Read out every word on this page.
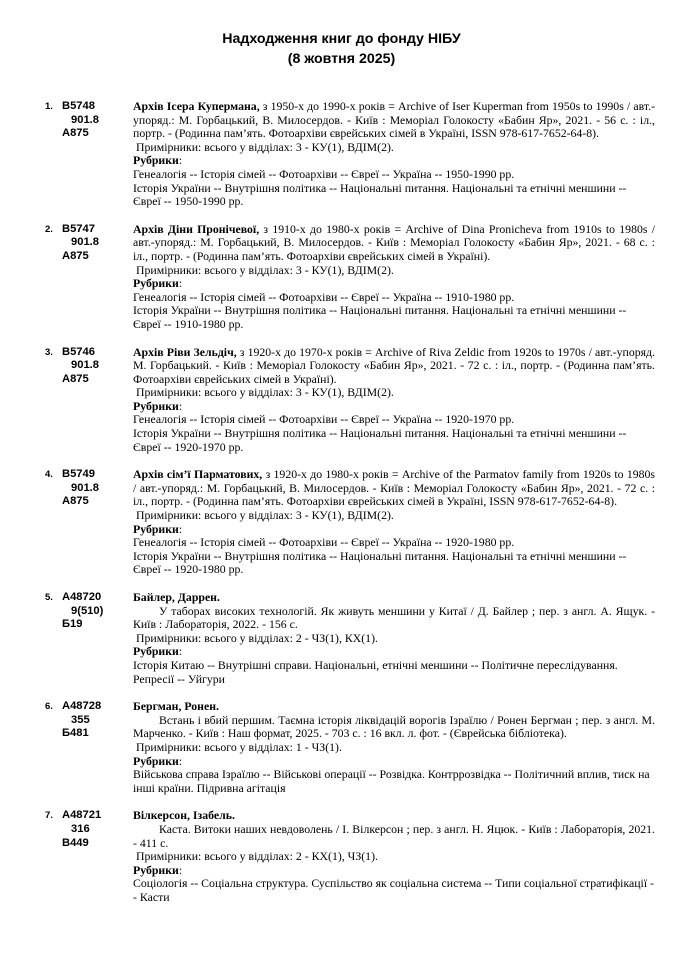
Надходження книг до фонду НІБУ
(8 жовтня 2025)
1. В5748
901.8
А875

Архів Ісера Купермана, з 1950-х до 1990-х років = Archive of Iser Kuperman from 1950s to 1990s / авт.-упоряд.: М. Горбацький, В. Милосердов. - Київ : Меморіал Голокосту «Бабин Яр», 2021. - 56 с. : іл., портр. - (Родинна пам’ять. Фотоархіви єврейських сімей в Україні, ISSN 978-617-7652-64-8).

Примірники: всього у відділах: 3 - КУ(1), ВДІМ(2).

Рубрики:

Генеалогія -- Історія сімей -- Фотоархіви -- Євреї -- Україна -- 1950-1990 рр.

Історія України -- Внутрішня політика -- Національні питання. Національні та етнічні меншини -- Євреї -- 1950-1990 рр.

2. В5747
901.8
А875

Архів Діни Пронічевої, з 1910-х до 1980-х років = Archive of Dina Pronicheva from 1910s to 1980s / авт.-упоряд.: М. Горбацький, В. Милосердов. - Київ : Меморіал Голокосту «Бабин Яр», 2021. - 68 с. : іл., портр. - (Родинна пам’ять. Фотоархіви єврейських сімей в Україні).

Примірники: всього у відділах: 3 - КУ(1), ВДІМ(2).

Рубрики:

Генеалогія -- Історія сімей -- Фотоархіви -- Євреї -- Україна -- 1910-1980 рр.

Історія України -- Внутрішня політика -- Національні питання. Національні та етнічні меншини -- Євреї -- 1910-1980 рр.

3. В5746
901.8
А875

Архів Ріви Зельдіч, з 1920-х до 1970-х років = Archive of Riva Zeldic from 1920s to 1970s / авт.-упоряд. М. Горбацький. - Київ : Меморіал Голокосту «Бабин Яр», 2021. - 72 с. : іл., портр. - (Родинна пам’ять. Фотоархіви єврейських сімей в Україні).

Примірники: всього у відділах: 3 - КУ(1), ВДІМ(2).

Рубрики:

Генеалогія -- Історія сімей -- Фотоархіви -- Євреї -- Україна -- 1920-1970 рр.

Історія України -- Внутрішня політика -- Національні питання. Національні та етнічні меншини -- Євреї -- 1920-1970 рр.

4. В5749
901.8
А875

Архів сім’ї Парматових, з 1920-х до 1980-х років = Archive of the Parmatov family from 1920s to 1980s / авт.-упоряд.: М. Горбацький, В. Милосердов. - Київ : Меморіал Голокосту «Бабин Яр», 2021. - 72 с. : іл., портр. - (Родинна пам’ять. Фотоархіви єврейських сімей в Україні, ISSN 978-617-7652-64-8).

Примірники: всього у відділах: 3 - КУ(1), ВДІМ(2).

Рубрики:

Генеалогія -- Історія сімей -- Фотоархіви -- Євреї -- Україна -- 1920-1980 рр.

Історія України -- Внутрішня політика -- Національні питання. Національні та етнічні меншини -- Євреї -- 1920-1980 рр.

5. А48720
9(510)
Б19

Байлер, Даррен.

У таборах високих технологій. Як живуть меншини у Китаї / Д. Байлер ; пер. з англ. А. Ящук. - Київ : Лабораторія, 2022. - 156 с.

Примірники: всього у відділах: 2 - ЧЗ(1), КХ(1).

Рубрики:

Історія Китаю -- Внутрішні справи. Національні, етнічні меншини -- Політичне переслідування. Репресії -- Уйгури

6. А48728
355
Б481

Бергман, Ронен.

Встань і вбий першим. Таємна історія ліквідацій ворогів Ізраїлю / Ронен Бергман ; пер. з англ. М. Марченко. - Київ : Наш формат, 2025. - 703 с. : 16 вкл. л. фот. - (Єврейська бібліотека).

Примірники: всього у відділах: 1 - ЧЗ(1).

Рубрики:

Військова справа Ізраїлю -- Військові операції -- Розвідка. Контррозвідка -- Політичний вплив, тиск на інші країни. Підривна агітація

7. А48721
316
В449

Вілкерсон, Ізабель.

Каста. Витоки наших невдоволень / І. Вілкерсон ; пер. з англ. Н. Яцюк. - Київ : Лабораторія, 2021. - 411 с.

Примірники: всього у відділах: 2 - КХ(1), ЧЗ(1).

Рубрики:

Соціологія -- Соціальна структура. Суспільство як соціальна система -- Типи соціальної стратифікації -- Касти
